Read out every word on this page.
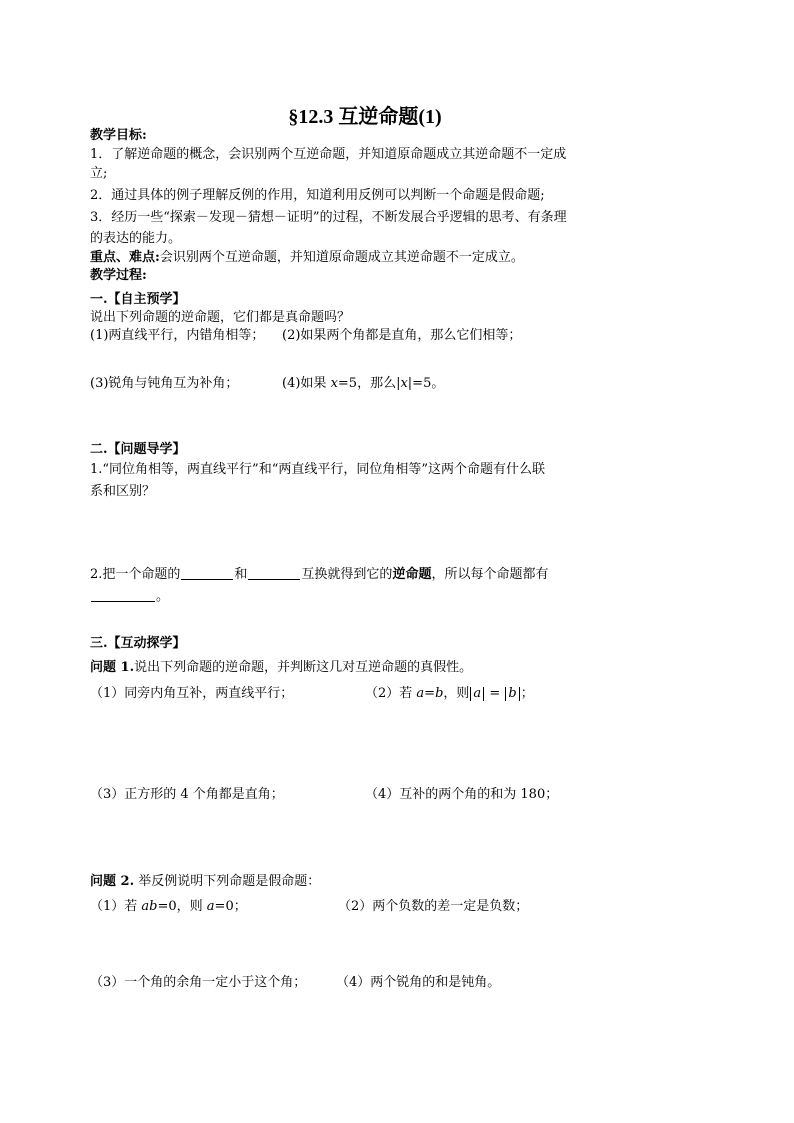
§12.3 互逆命题(1)
教学目标:
1．了解逆命题的概念，会识别两个互逆命题，并知道原命题成立其逆命题不一定成
立;
2．通过具体的例子理解反例的作用，知道利用反例可以判断一个命题是假命题;
3．经历一些“探索－发现－猜想－证明”的过程，不断发展合乎逻辑的思考、有条理
的表达的能力。
重点、难点:会识别两个互逆命题，并知道原命题成立其逆命题不一定成立。
教学过程:
一.【自主预学】
说出下列命题的逆命题，它们都是真命题吗？
(1)两直线平行，内错角相等； (2)如果两个角都是直角，那么它们相等；
(3)锐角与钝角互为补角；	(4)如果 x=5，那么|x|=5。
二.【问题导学】
1.“同位角相等，两直线平行”和“两直线平行，同位角相等”这两个命题有什么联
系和区别？
2.把一个命题的	和	互换就得到它的逆命题，所以每个命题都有
。
三.【互动探学】
问题 1.说出下列命题的逆命题，并判断这几对互逆命题的真假性。
（1）同旁内角互补，两直线平行；	（2）若 a=b，则 a = b ；
（3）正方形的 4 个角都是直角；	（4）互补的两个角的和为 180；
问题 2. 举反例说明下列命题是假命题：
（1）若 ab=0，则 a=0；	（2）两个负数的差一定是负数；
（3）一个角的余角一定小于这个角； （4）两个锐角的和是钝角。
